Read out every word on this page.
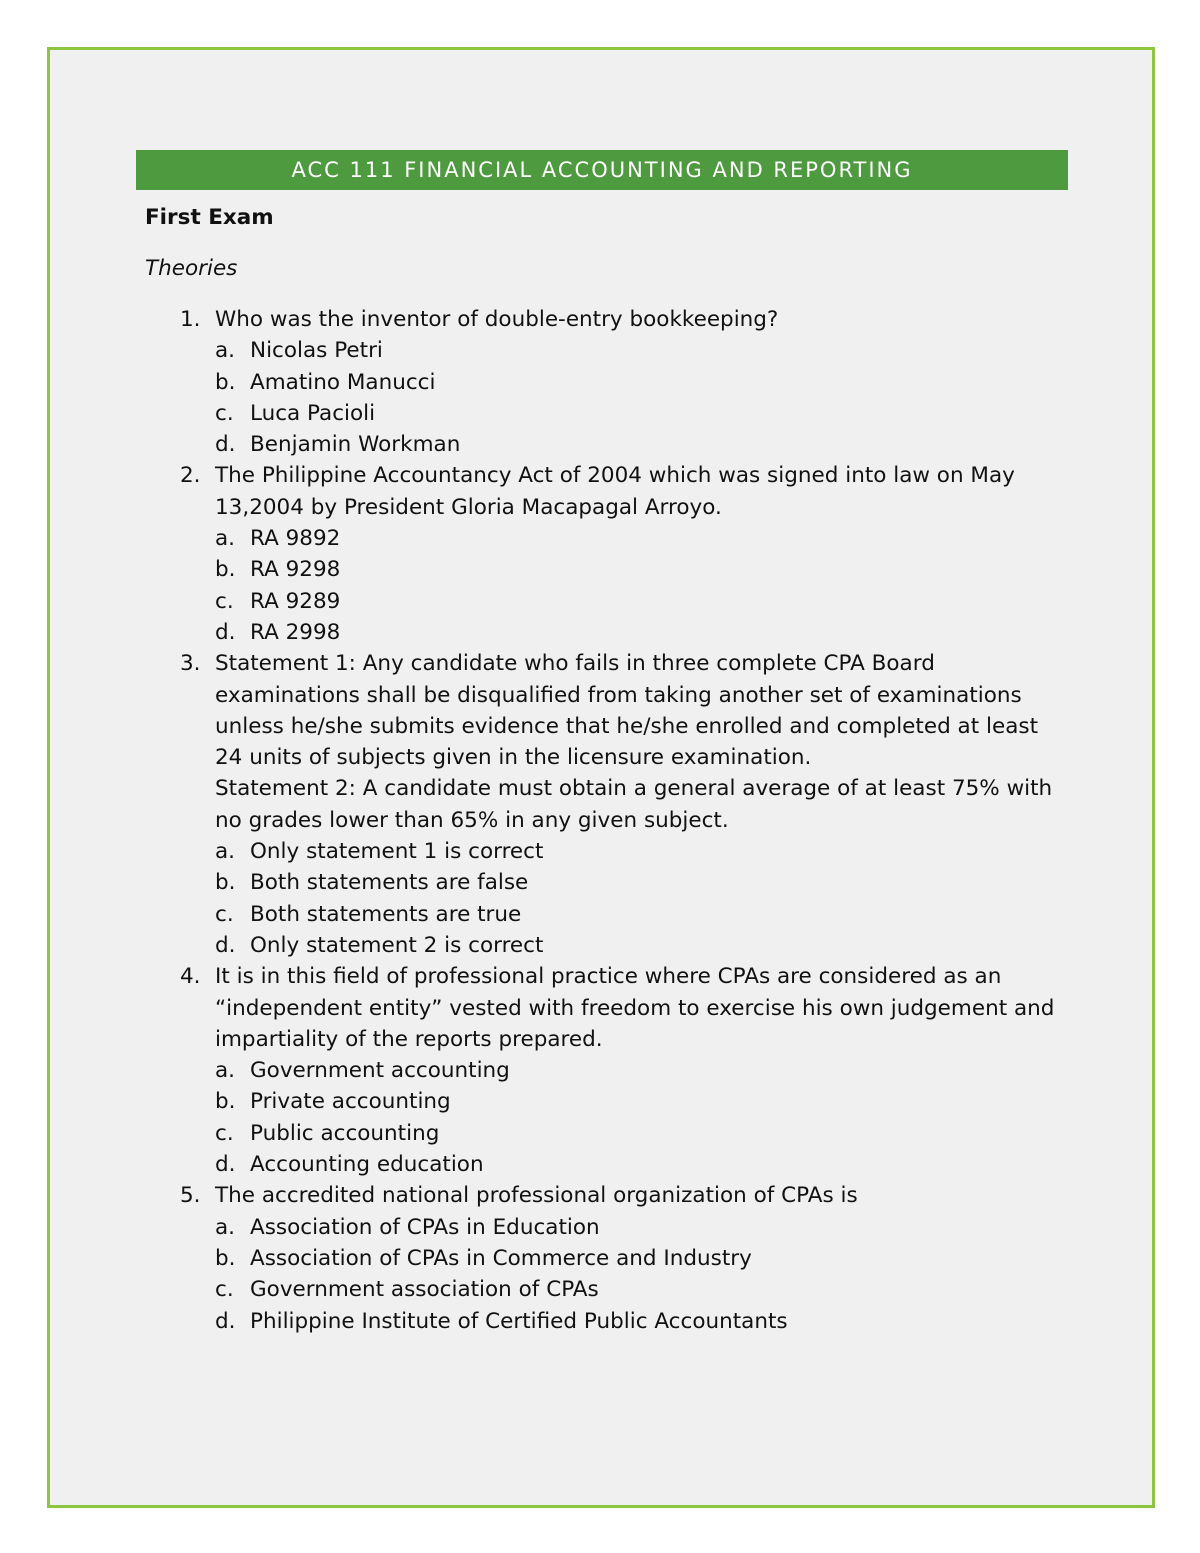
ACC 111 FINANCIAL ACCOUNTING AND REPORTING
First Exam
Theories
1. Who was the inventor of double-entry bookkeeping?
a. Nicolas Petri
b. Amatino Manucci
c. Luca Pacioli
d. Benjamin Workman
2. The Philippine Accountancy Act of 2004 which was signed into law on May 13,2004 by President Gloria Macapagal Arroyo.
a. RA 9892
b. RA 9298
c. RA 9289
d. RA 2998
3. Statement 1: Any candidate who fails in three complete CPA Board examinations shall be disqualified from taking another set of examinations unless he/she submits evidence that he/she enrolled and completed at least 24 units of subjects given in the licensure examination.
Statement 2: A candidate must obtain a general average of at least 75% with no grades lower than 65% in any given subject.
a. Only statement 1 is correct
b. Both statements are false
c. Both statements are true
d. Only statement 2 is correct
4. It is in this field of professional practice where CPAs are considered as an “independent entity” vested with freedom to exercise his own judgement and impartiality of the reports prepared.
a. Government accounting
b. Private accounting
c. Public accounting
d. Accounting education
5. The accredited national professional organization of CPAs is
a. Association of CPAs in Education
b. Association of CPAs in Commerce and Industry
c. Government association of CPAs
d. Philippine Institute of Certified Public Accountants
